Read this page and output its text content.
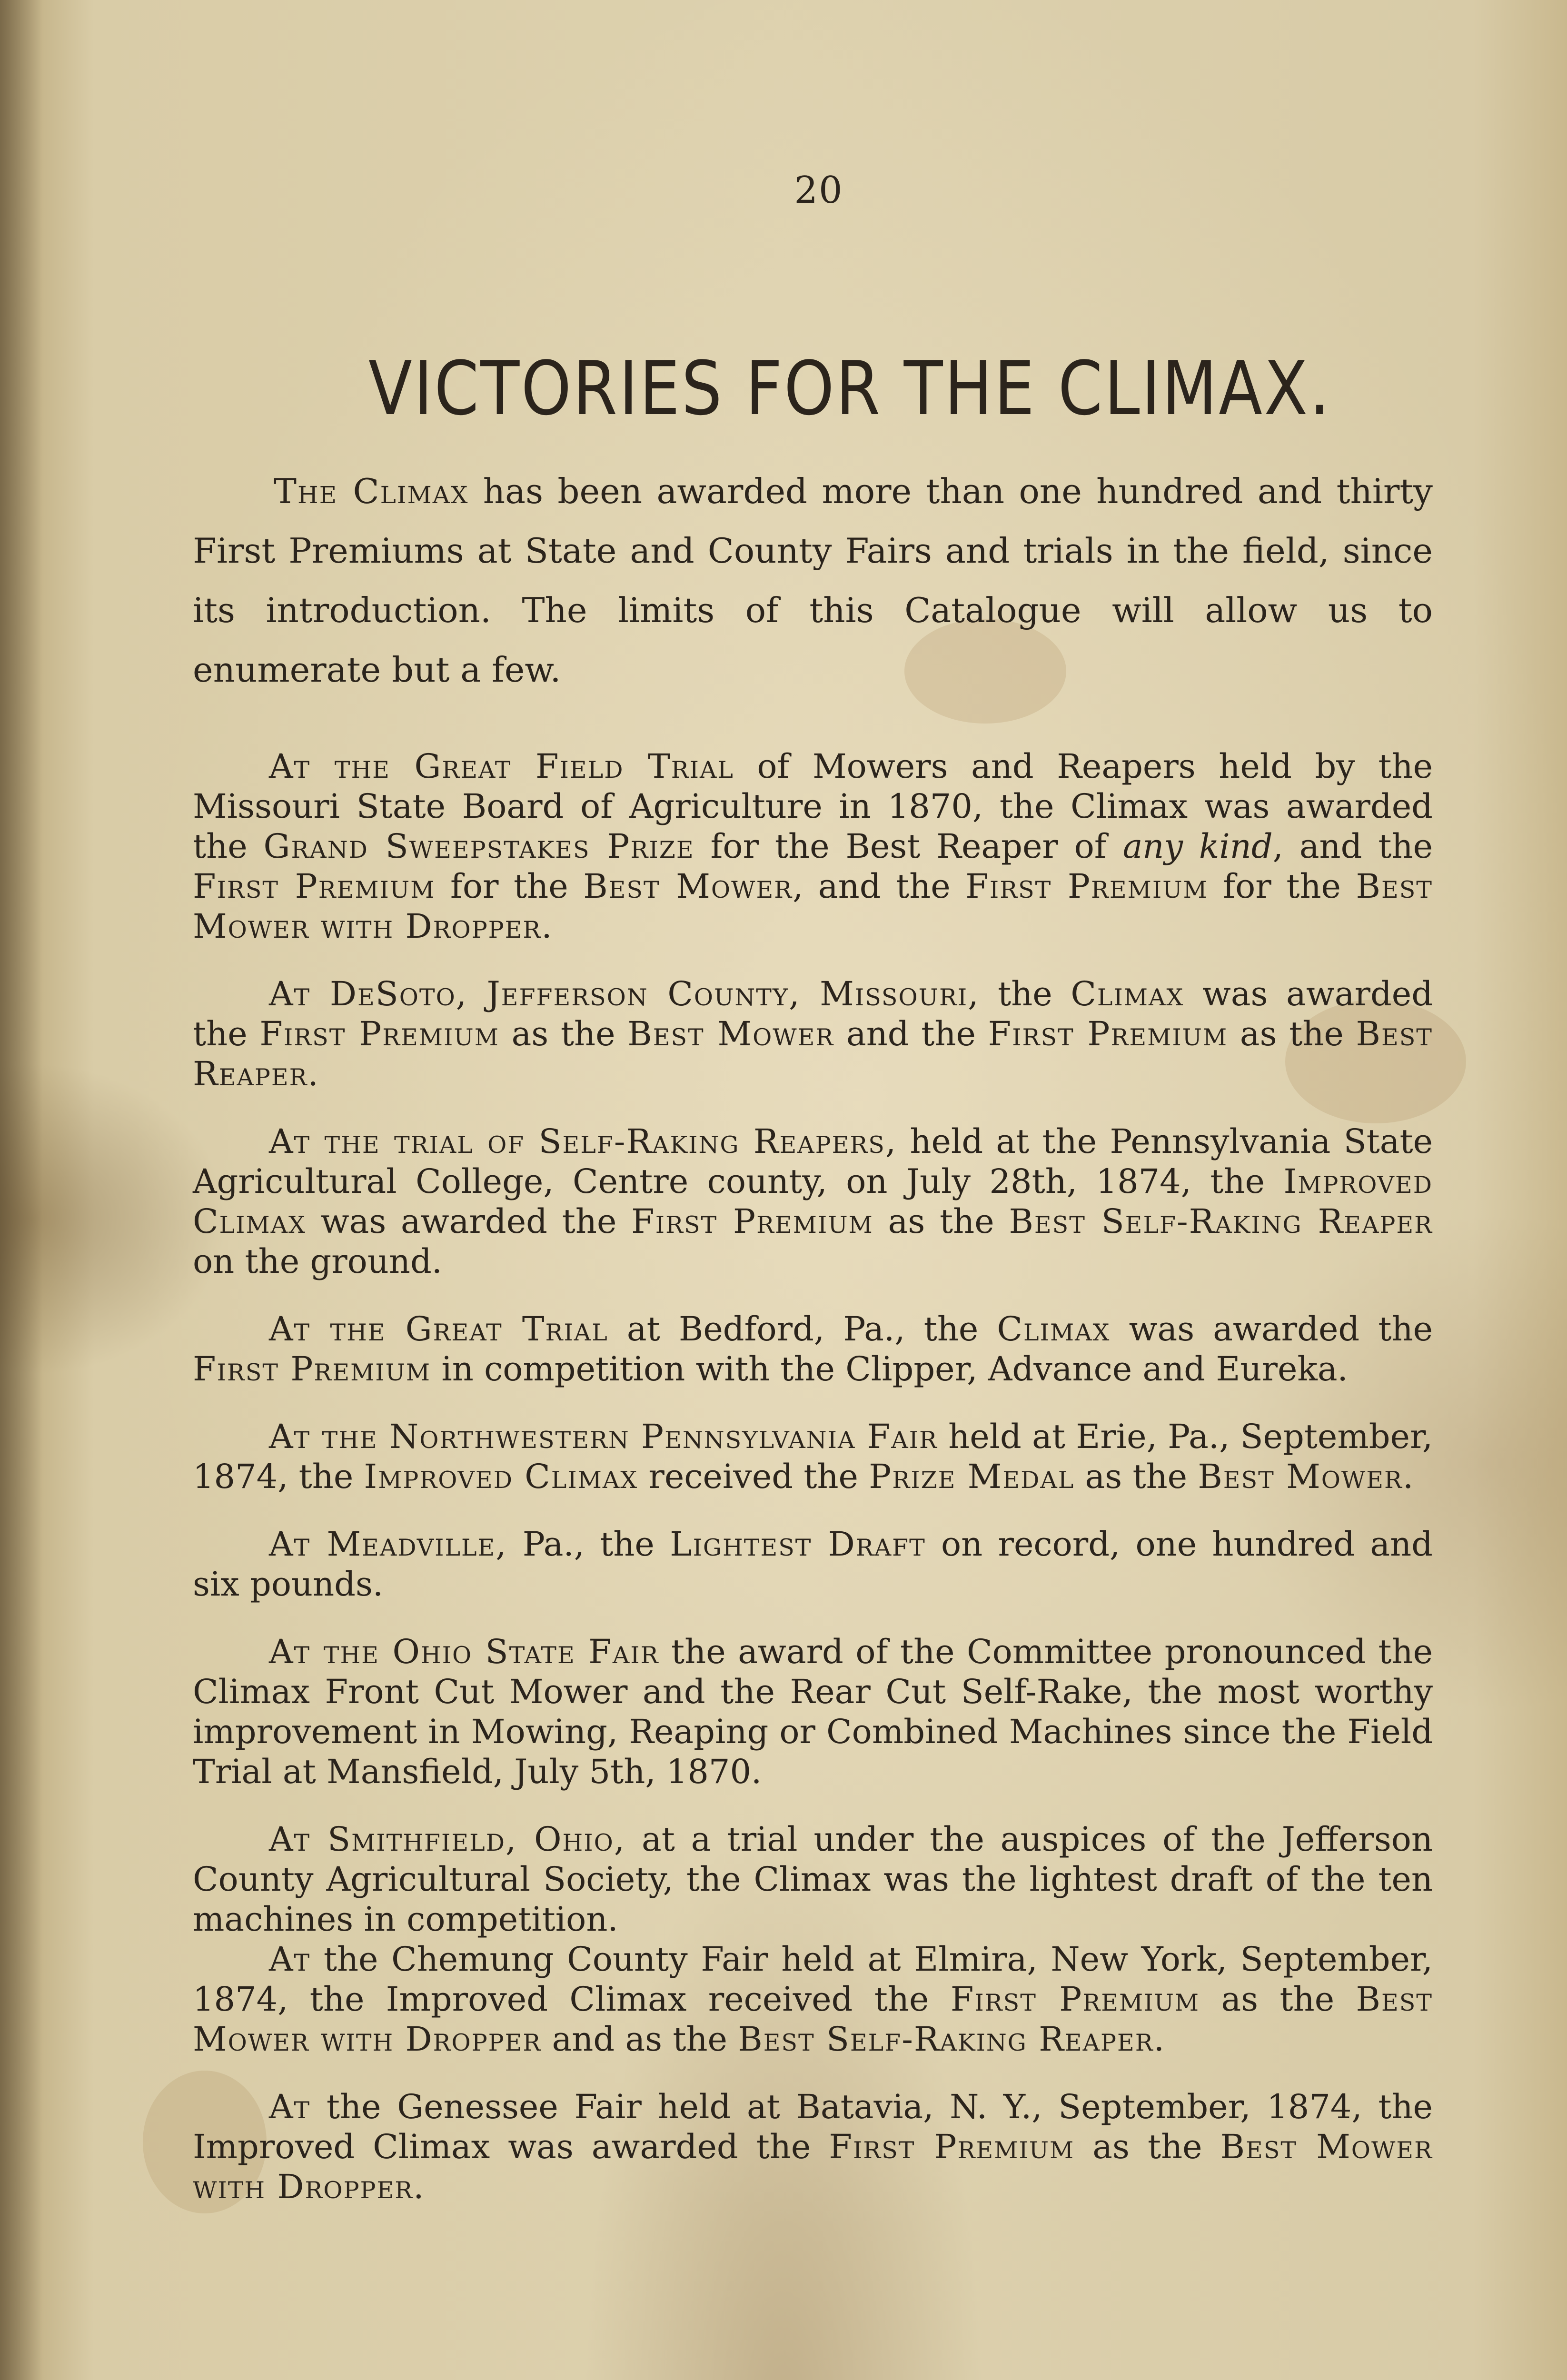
20
VICTORIES FOR THE CLIMAX.

The Climax has been awarded more than one hundred and thirty First Premiums at State and County Fairs and trials in the field, since its introduction. The limits of this Catalogue will allow us to enumerate but a few.

At the Great Field Trial of Mowers and Reapers held by the Missouri State Board of Agriculture in 1870, the Climax was awarded the Grand Sweepstakes Prize for the Best Reaper of any kind, and the First Premium for the Best Mower, and the First Premium for the Best Mower with Dropper.

At DeSoto, Jefferson County, Missouri, the Climax was awarded the First Premium as the Best Mower and the First Premium as the Best Reaper.

At the trial of Self-Raking Reapers, held at the Pennsylvania State Agricultural College, Centre county, on July 28th, 1874, the Improved Climax was awarded the First Premium as the Best Self-Raking Reaper on the ground.

At the Great Trial at Bedford, Pa., the Climax was awarded the First Premium in competition with the Clipper, Advance and Eureka.

At the Northwestern Pennsylvania Fair held at Erie, Pa., September, 1874, the Improved Climax received the Prize Medal as the Best Mower.

At Meadville, Pa., the Lightest Draft on record, one hundred and six pounds.

At the Ohio State Fair the award of the Committee pronounced the Climax Front Cut Mower and the Rear Cut Self-Rake, the most worthy improvement in Mowing, Reaping or Combined Machines since the Field Trial at Mansfield, July 5th, 1870.

At Smithfield, Ohio, at a trial under the auspices of the Jefferson County Agricultural Society, the Climax was the lightest draft of the ten machines in competition.

At the Chemung County Fair held at Elmira, New York, September, 1874, the Improved Climax received the First Premium as the Best Mower with Dropper and as the Best Self-Raking Reaper.

At the Genessee Fair held at Batavia, N. Y., September, 1874, the Improved Climax was awarded the First Premium as the Best Mower with Dropper.
